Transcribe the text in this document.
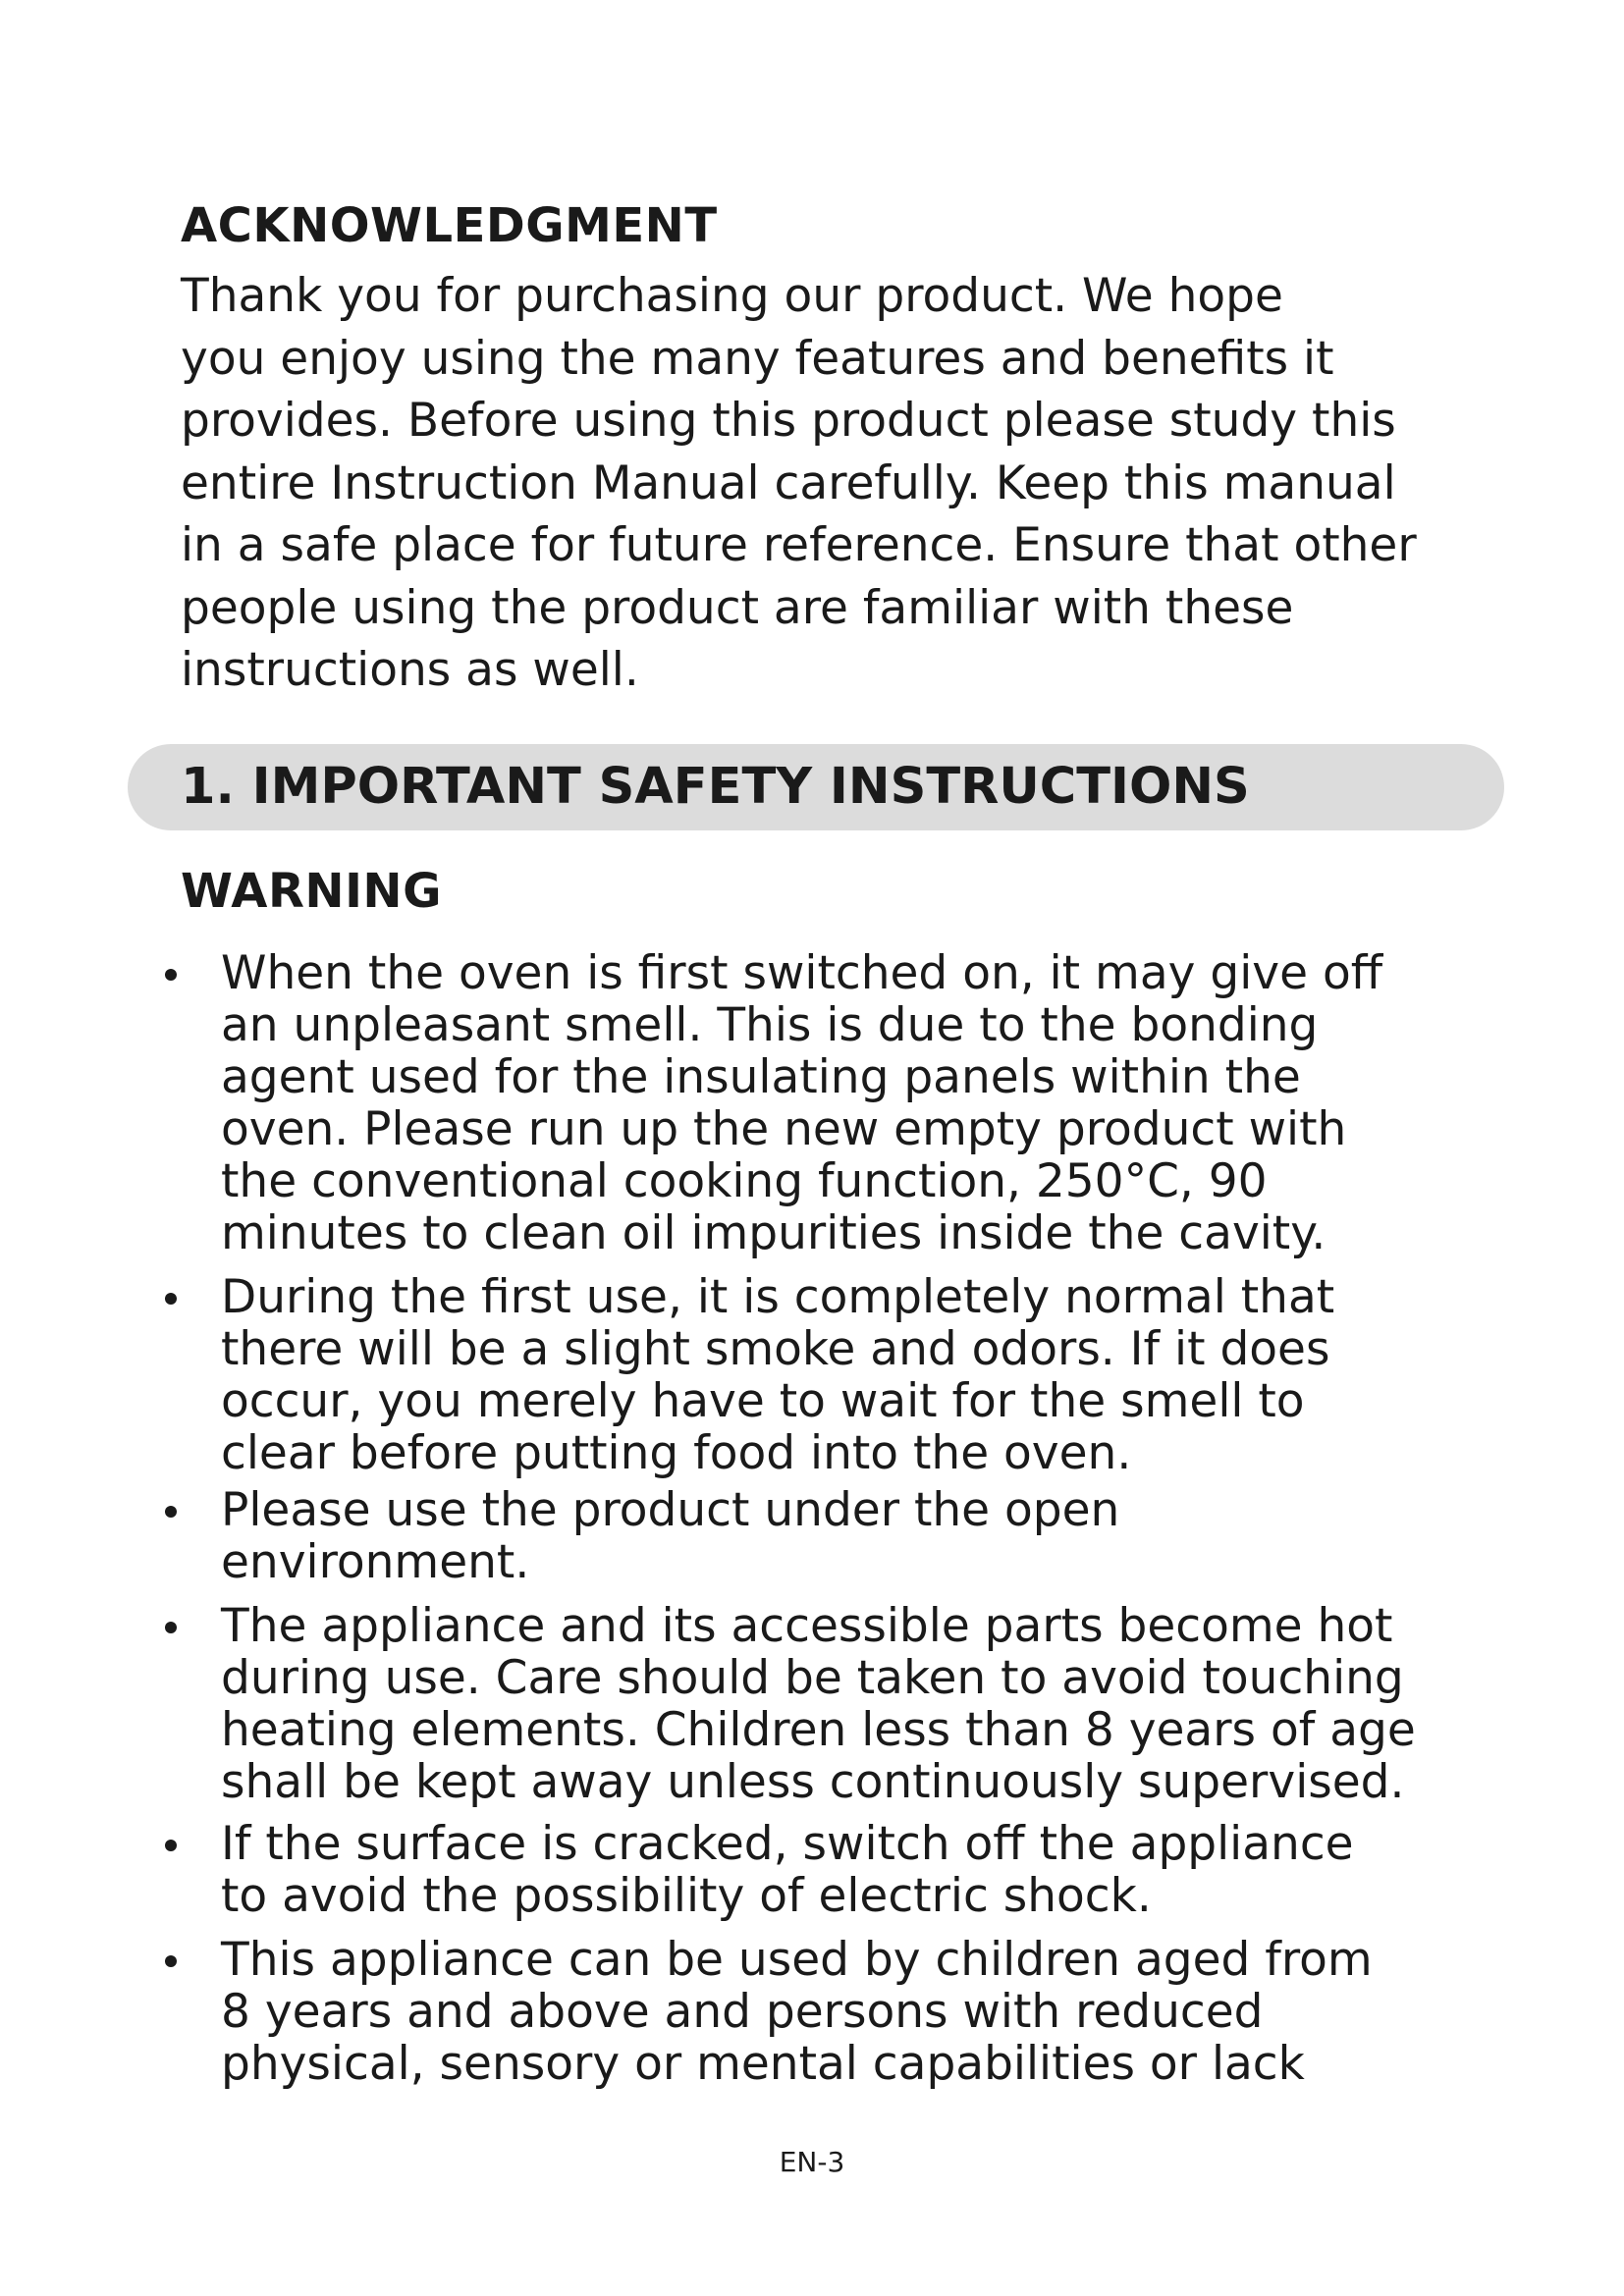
ACKNOWLEDGMENT

Thank you for purchasing our product. We hope
you enjoy using the many features and benefits it
provides. Before using this product please study this
entire Instruction Manual carefully. Keep this manual
in a safe place for future reference. Ensure that other
people using the product are familiar with these
instructions as well.

1. IMPORTANT SAFETY INSTRUCTIONS
WARNING
When the oven is first switched on, it may give off
an unpleasant smell. This is due to the bonding
agent used for the insulating panels within the
oven. Please run up the new empty product with
the conventional cooking function, 250°C, 90
minutes to clean oil impurities inside the cavity.
During the first use, it is completely normal that
there will be a slight smoke and odors. If it does
occur, you merely have to wait for the smell to
clear before putting food into the oven.
Please use the product under the open
environment.
The appliance and its accessible parts become hot
during use. Care should be taken to avoid touching
heating elements. Children less than 8 years of age
shall be kept away unless continuously supervised.
If the surface is cracked, switch off the appliance
to avoid the possibility of electric shock.
This appliance can be used by children aged from
8 years and above and persons with reduced
physical, sensory or mental capabilities or lack

EN-3
